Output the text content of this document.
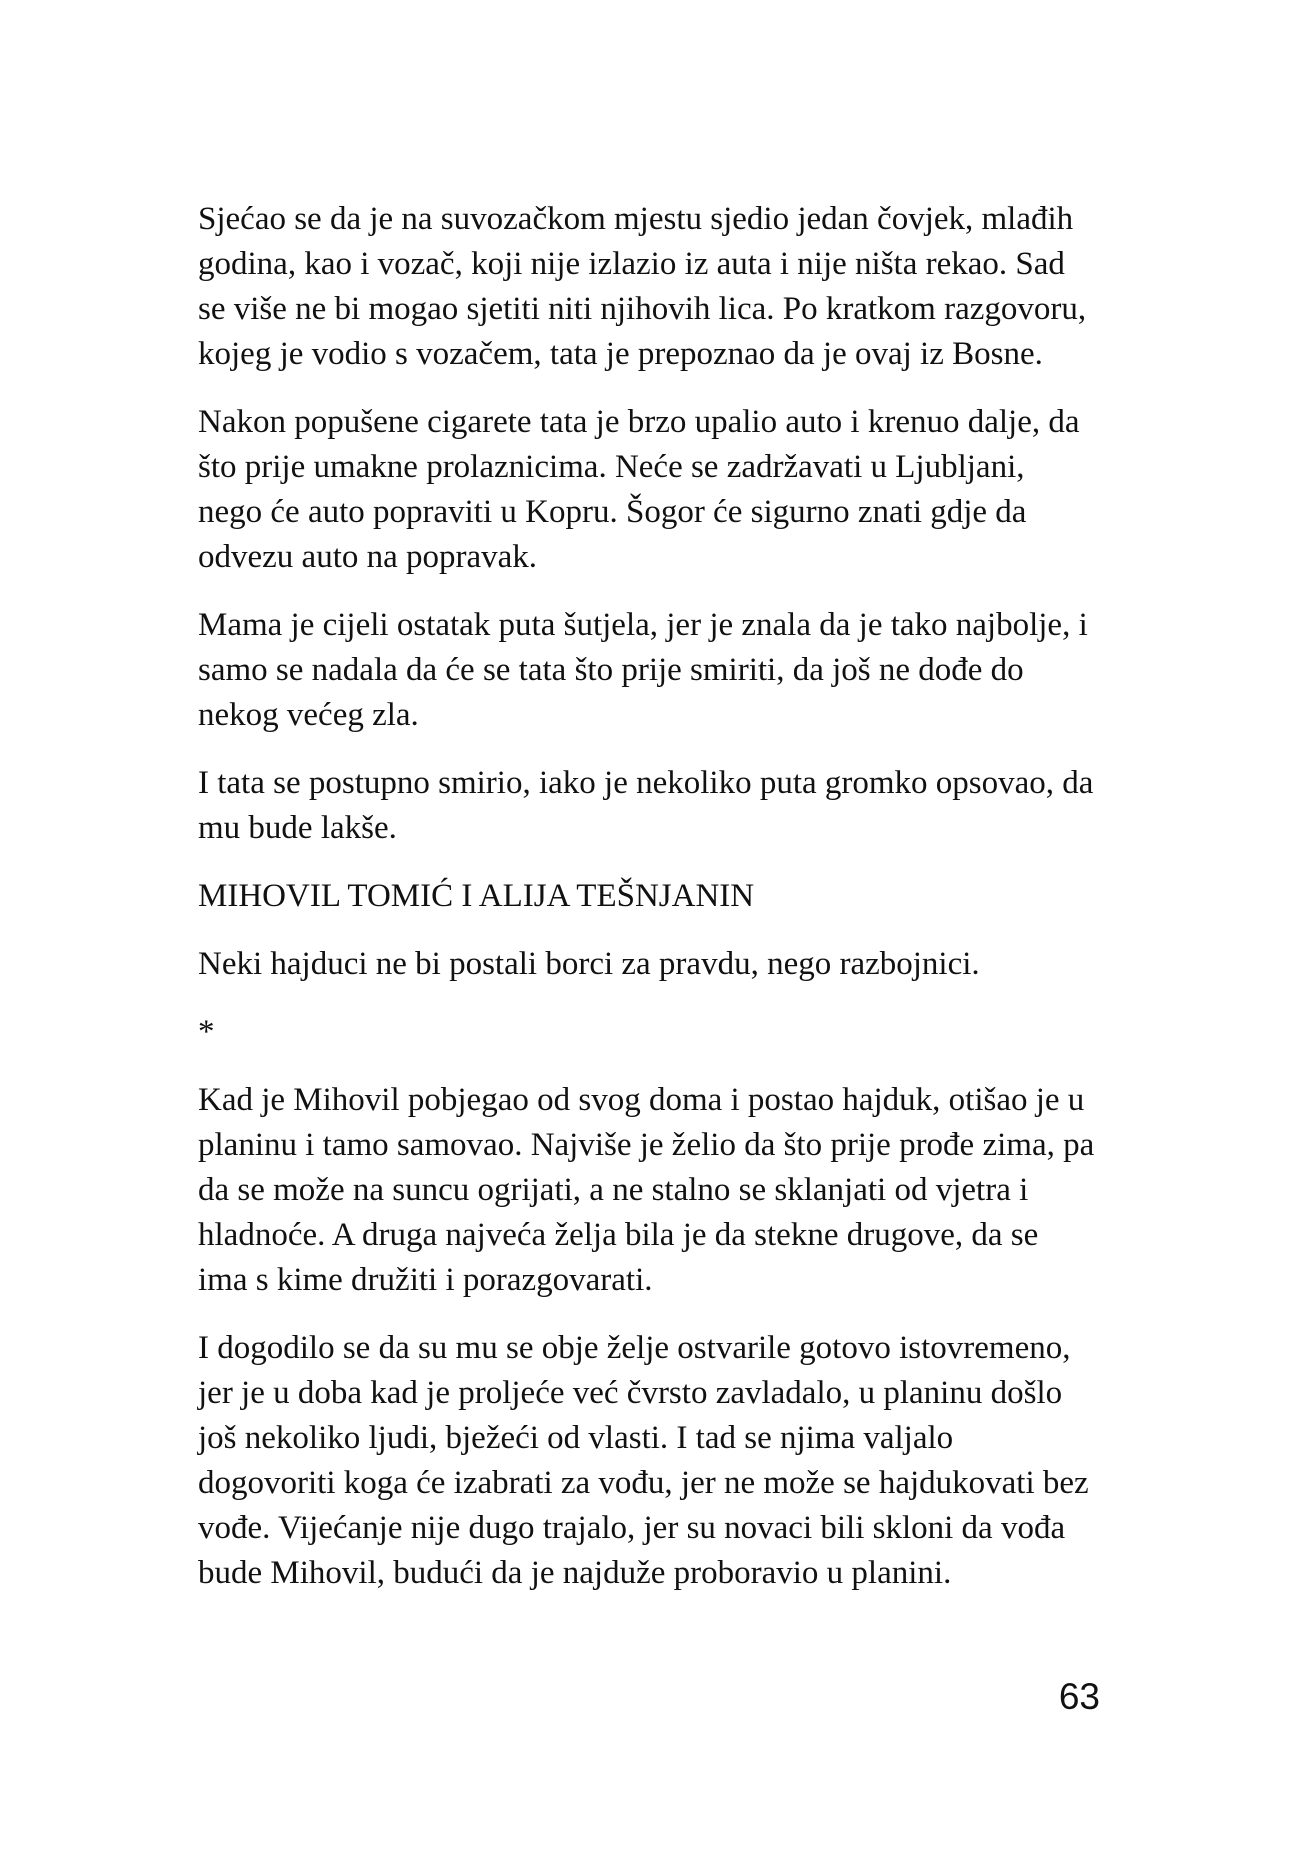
Sjećao se da je na suvozačkom mjestu sjedio jedan čovjek, mlađih
godina, kao i vozač, koji nije izlazio iz auta i nije ništa rekao. Sad
se više ne bi mogao sjetiti niti njihovih lica. Po kratkom razgovoru,
kojeg je vodio s vozačem, tata je prepoznao da je ovaj iz Bosne.

Nakon popušene cigarete tata je brzo upalio auto i krenuo dalje, da
što prije umakne prolaznicima. Neće se zadržavati u Ljubljani,
nego će auto popraviti u Kopru. Šogor će sigurno znati gdje da
odvezu auto na popravak.

Mama je cijeli ostatak puta šutjela, jer je znala da je tako najbolje, i
samo se nadala da će se tata što prije smiriti, da još ne dođe do
nekog većeg zla.

I tata se postupno smirio, iako je nekoliko puta gromko opsovao, da
mu bude lakše.

MIHOVIL TOMIĆ I ALIJA TEŠNJANIN

Neki hajduci ne bi postali borci za pravdu, nego razbojnici.

*

Kad je Mihovil pobjegao od svog doma i postao hajduk, otišao je u
planinu i tamo samovao. Najviše je želio da što prije prođe zima, pa
da se može na suncu ogrijati, a ne stalno se sklanjati od vjetra i
hladnoće. A druga najveća želja bila je da stekne drugove, da se
ima s kime družiti i porazgovarati.

I dogodilo se da su mu se obje želje ostvarile gotovo istovremeno,
jer je u doba kad je proljeće već čvrsto zavladalo, u planinu došlo
još nekoliko ljudi, bježeći od vlasti. I tad se njima valjalo
dogovoriti koga će izabrati za vođu, jer ne može se hajdukovati bez
vođe. Vijećanje nije dugo trajalo, jer su novaci bili skloni da vođa
bude Mihovil, budući da je najduže proboravio u planini.

63
